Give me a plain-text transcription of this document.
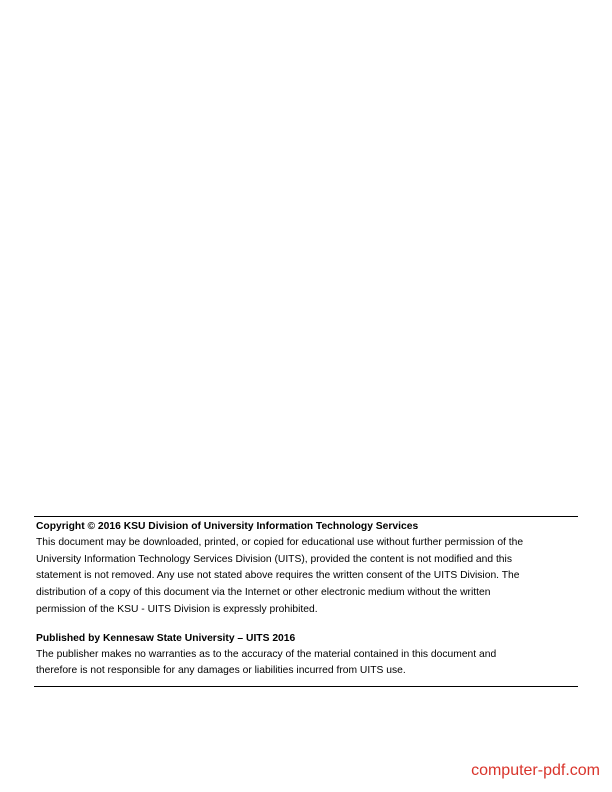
Copyright © 2016 KSU Division of University Information Technology Services
This document may be downloaded, printed, or copied for educational use without further permission of the
University Information Technology Services Division (UITS), provided the content is not modified and this
statement is not removed. Any use not stated above requires the written consent of the UITS Division. The
distribution of a copy of this document via the Internet or other electronic medium without the written
permission of the KSU - UITS Division is expressly prohibited.
Published by Kennesaw State University – UITS 2016
The publisher makes no warranties as to the accuracy of the material contained in this document and
therefore is not responsible for any damages or liabilities incurred from UITS use.
computer-pdf.com
